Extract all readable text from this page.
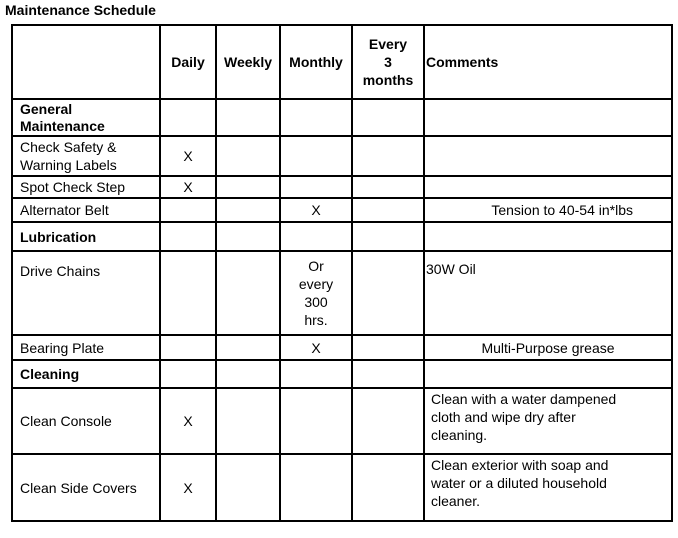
Maintenance Schedule
	Daily	Weekly	Monthly	Every
3
months	Comments

General
Maintenance					

Check Safety &
Warning Labels	X				
Spot Check Step	X				
Alternator Belt			X		Tension to 40-54 in*lbs
Lubrication					
Drive Chains			Or
every
300
hrs.		30W Oil
Bearing Plate			X		Multi-Purpose grease
Cleaning					
Clean Console	X				Clean with a water dampened
cloth and wipe dry after
cleaning.

Clean Side Covers	X				Clean exterior with soap and
water or a diluted household
cleaner.
